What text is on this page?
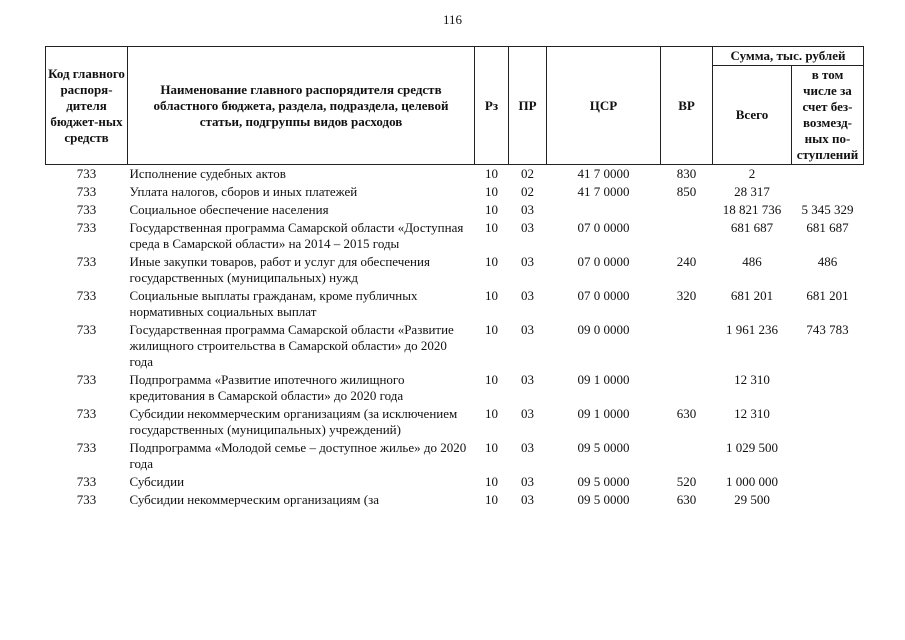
116
Код главного распоря-дителя бюджет-ных средств	Наименование главного распорядителя средств областного бюджета, раздела, подраздела, целевой статьи, подгруппы видов расходов	Рз	ПР	ЦСР	ВР	Сумма, тыс. рублей	
						Всего	в том числе за счет без-возмезд-ных по-ступлений
733	Исполнение судебных актов	10	02	41 7 0000	830	2	
733	Уплата налогов, сборов и иных платежей	10	02	41 7 0000	850	28 317	
733	Социальное обеспечение населения	10	03			18 821 736	5 345 329
733	Государственная программа Самарской области «Доступная среда в Самарской области» на 2014 – 2015 годы	10	03	07 0 0000		681 687	681 687
733	Иные закупки товаров, работ и услуг для обеспечения государственных (муниципальных) нужд	10	03	07 0 0000	240	486	486
733	Социальные выплаты гражданам, кроме публичных нормативных социальных выплат	10	03	07 0 0000	320	681 201	681 201
733	Государственная программа Самарской области «Развитие жилищного строительства в Самарской области» до 2020 года	10	03	09 0 0000		1 961 236	743 783
733	Подпрограмма «Развитие ипотечного жилищного кредитования в Самарской области» до 2020 года	10	03	09 1 0000		12 310	
733	Субсидии некоммерческим организациям (за исключением государственных (муниципальных) учреждений)	10	03	09 1 0000	630	12 310	
733	Подпрограмма «Молодой семье – доступное жилье» до 2020 года	10	03	09 5 0000		1 029 500	
733	Субсидии	10	03	09 5 0000	520	1 000 000	
733	Субсидии некоммерческим организациям (за	10	03	09 5 0000	630	29 500	
